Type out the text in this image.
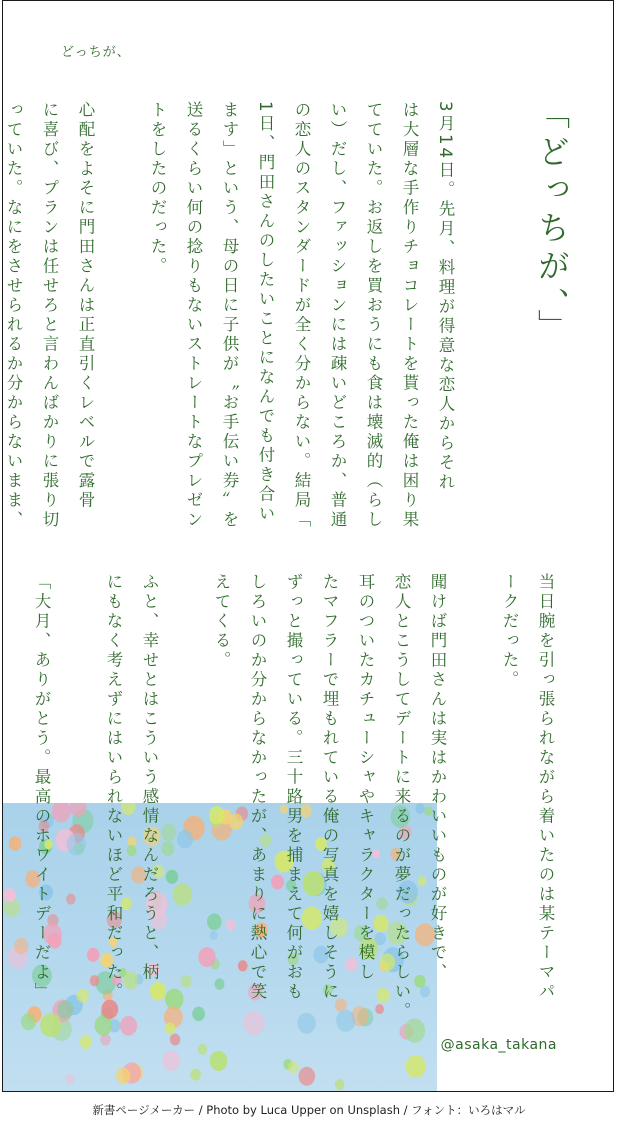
どっちが、
「どっちが、」
3月14日。先月、料理が得意な恋人からそれ
は大層な手作りチョコレートを貰った俺は困り果
てていた。お返しを買おうにも食は壊滅的（らし
い）だし、ファッションには疎いどころか、普通
の恋人のスタンダードが全く分からない。結局「
1日、門田さんのしたいことになんでも付き合い
ます」という、母の日に子供が〝お手伝い券〟を
送るくらい何の捻りもないストレートなプレゼン
トをしたのだった。

心配をよそに門田さんは正直引くレベルで露骨
に喜び、プランは任せろと言わんばかりに張り切
っていた。なにをさせられるか分からないまま、
当日腕を引っ張られながら着いたのは某テーマパ
ークだった。

聞けば門田さんは実はかわいいものが好きで、
恋人とこうしてデートに来るのが夢だったらしい。
耳のついたカチューシャやキャラクターを模し
たマフラーで埋もれている俺の写真を嬉しそうに
ずっと撮っている。三十路男を捕まえて何がおも
しろいのか分からなかったが、あまりに熱心で笑
えてくる。

ふと、幸せとはこういう感情なんだろうと、柄
にもなく考えずにはいられないほど平和だった。

「大月、ありがとう。最高のホワイトデーだよ」
@asaka_takana
新書ページメーカー / Photo by Luca Upper on Unsplash / フォント：いろはマル
